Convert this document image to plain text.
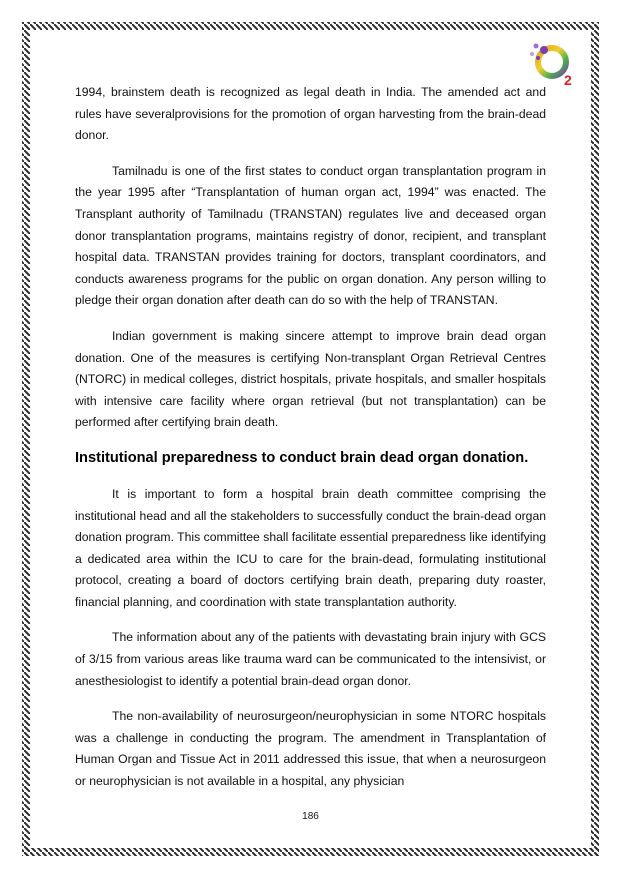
2

1994, brainstem death is recognized as legal death in India. The amended act and rules have severalprovisions for the promotion of organ harvesting from the brain-dead donor.

Tamilnadu is one of the first states to conduct organ transplantation program in the year 1995 after “Transplantation of human organ act, 1994” was enacted. The Transplant authority of Tamilnadu (TRANSTAN) regulates live and deceased organ donor transplantation programs, maintains registry of donor, recipient, and transplant hospital data. TRANSTAN provides training for doctors, transplant coordinators, and conducts awareness programs for the public on organ donation. Any person willing to pledge their organ donation after death can do so with the help of TRANSTAN.

Indian government is making sincere attempt to improve brain dead organ donation. One of the measures is certifying Non-transplant Organ Retrieval Centres (NTORC) in medical colleges, district hospitals, private hospitals, and smaller hospitals with intensive care facility where organ retrieval (but not transplantation) can be performed after certifying brain death.

Institutional preparedness to conduct brain dead organ donation.

It is important to form a hospital brain death committee comprising the institutional head and all the stakeholders to successfully conduct the brain-dead organ donation program. This committee shall facilitate essential preparedness like identifying a dedicated area within the ICU to care for the brain-dead, formulating institutional protocol, creating a board of doctors certifying brain death, preparing duty roaster, financial planning, and coordination with state transplantation authority.

The information about any of the patients with devastating brain injury with GCS of 3/15 from various areas like trauma ward can be communicated to the intensivist, or anesthesiologist to identify a potential brain-dead organ donor.

The non-availability of neurosurgeon/neurophysician in some NTORC hospitals was a challenge in conducting the program. The amendment in Transplantation of Human Organ and Tissue Act in 2011 addressed this issue, that when a neurosurgeon or neurophysician is not available in a hospital, any physician

186
